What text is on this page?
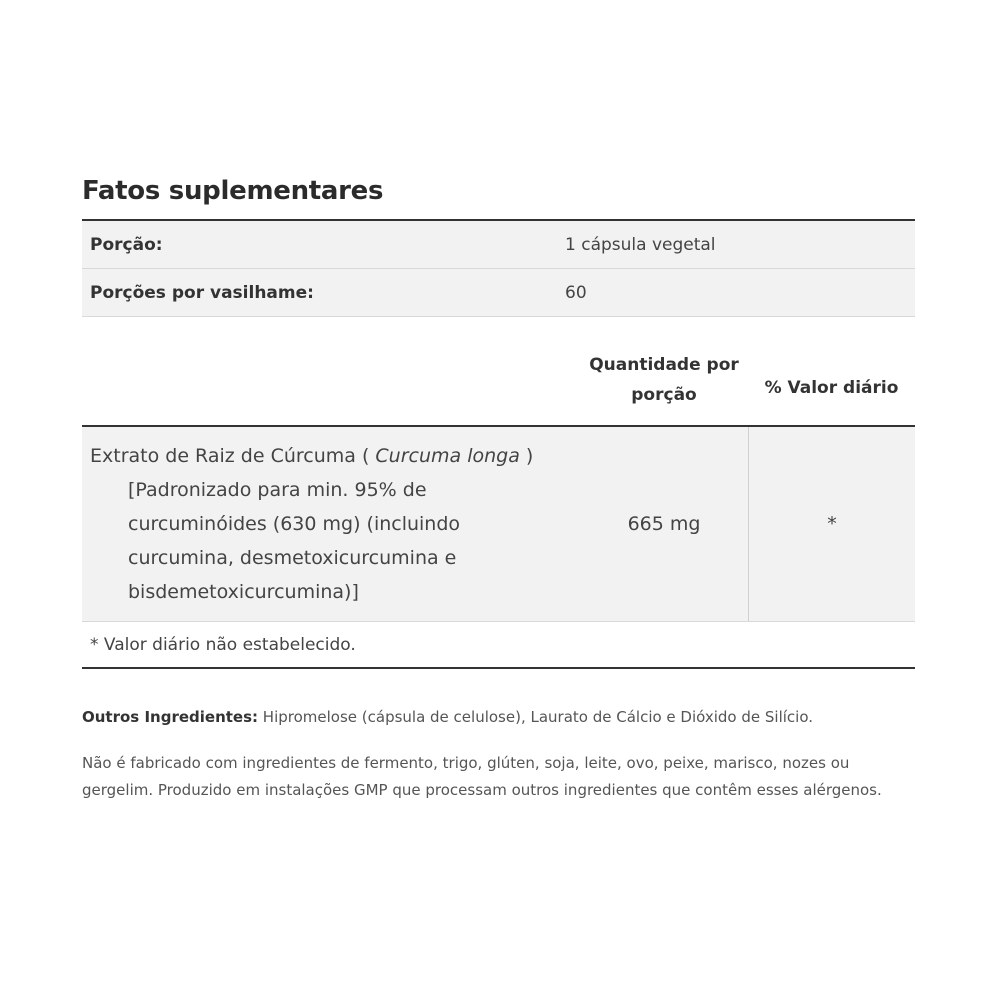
Fatos suplementares
Porção:	1 cápsula vegetal
Porções por vasilhame:	60
Quantidade por
porção	% Valor diário
Extrato de Raiz de Cúrcuma ( Curcuma longa )
[Padronizado para min. 95% de
curcuminóides (630 mg) (incluindo
curcumina, desmetoxicurcumina e
bisdemetoxicurcumina)]
665 mg	*
* Valor diário não estabelecido.
Outros Ingredientes: Hipromelose (cápsula de celulose), Laurato de Cálcio e Dióxido de Silício.
Não é fabricado com ingredientes de fermento, trigo, glúten, soja, leite, ovo, peixe, marisco, nozes ou gergelim. Produzido em instalações GMP que processam outros ingredientes que contêm esses alérgenos.
